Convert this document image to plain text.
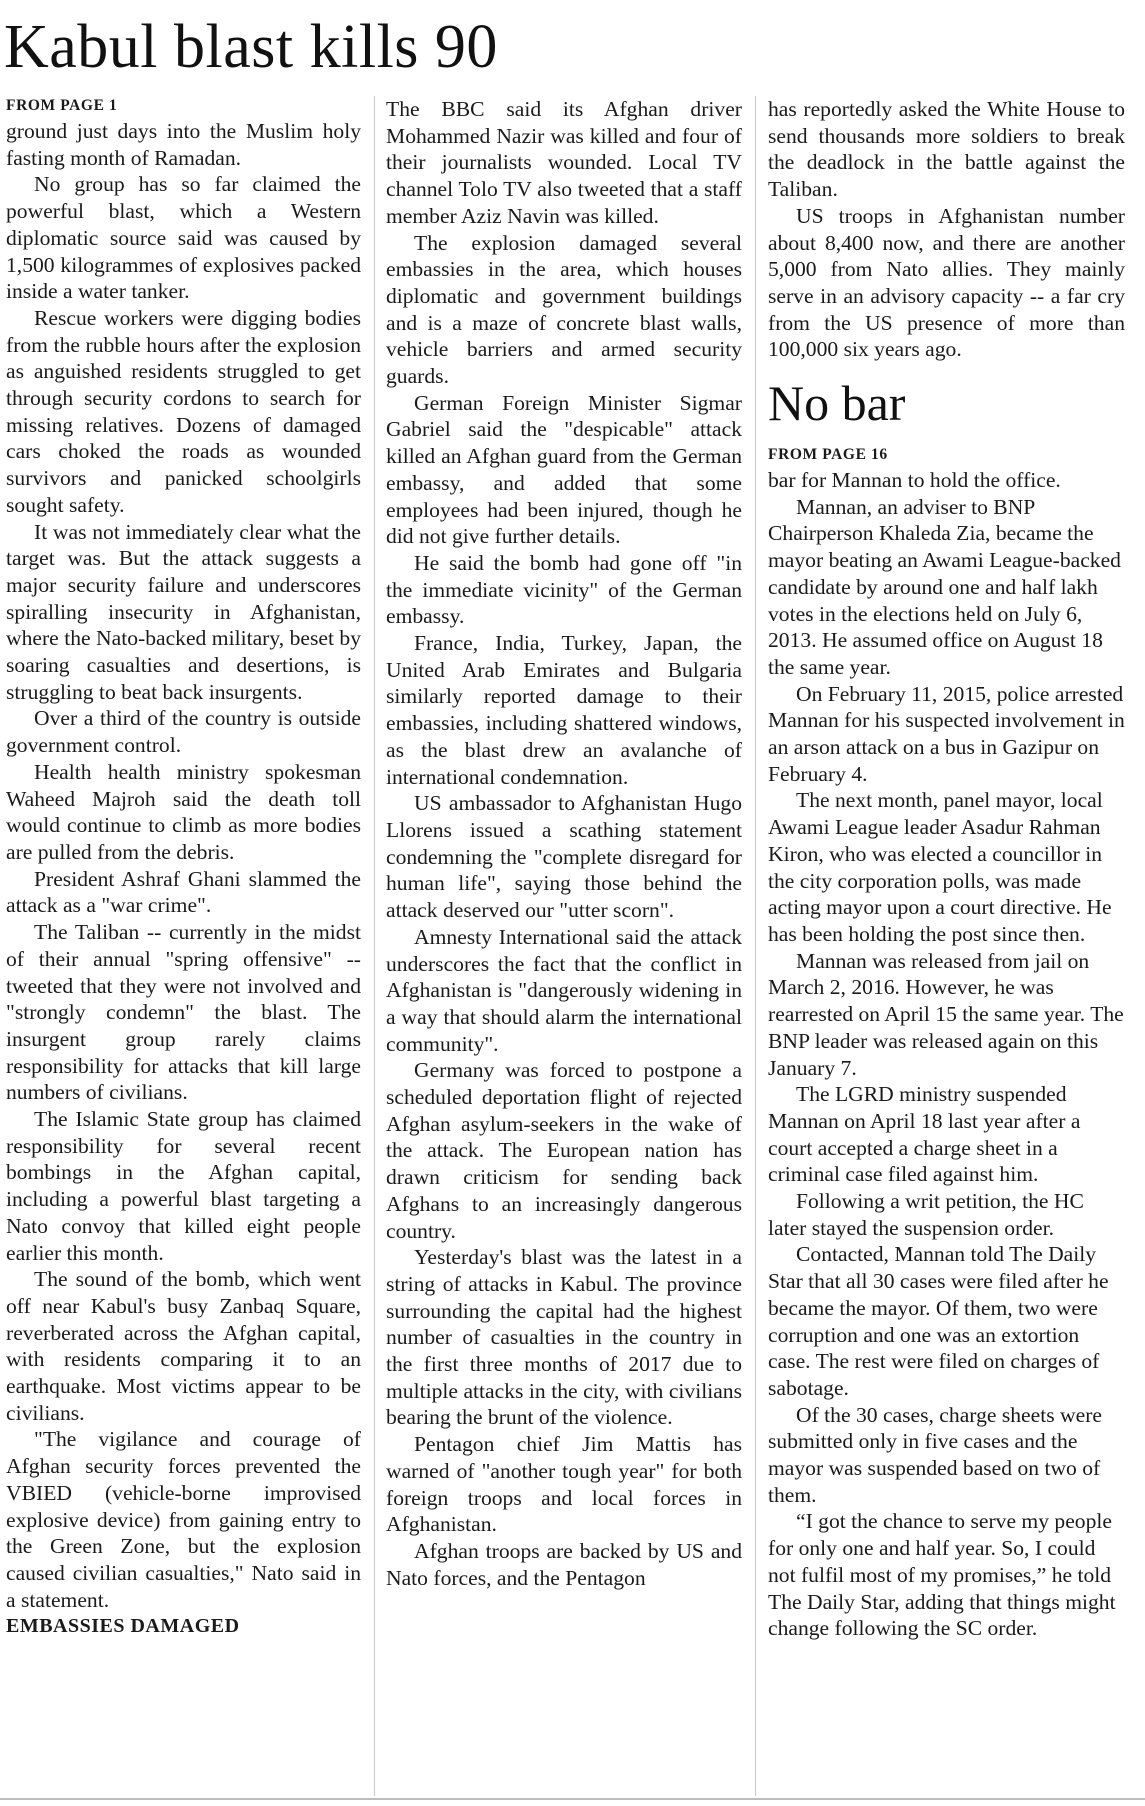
Kabul blast kills 90
FROM PAGE 1

ground just days into the Muslim holy fasting month of Ramadan.

No group has so far claimed the powerful blast, which a Western diplomatic source said was caused by 1,500 kilogrammes of explosives packed inside a water tanker.

Rescue workers were digging bodies from the rubble hours after the explosion as anguished residents struggled to get through security cordons to search for missing relatives. Dozens of damaged cars choked the roads as wounded survivors and panicked schoolgirls sought safety.

It was not immediately clear what the target was. But the attack suggests a major security failure and underscores spiralling insecurity in Afghanistan, where the Nato-backed military, beset by soaring casualties and desertions, is struggling to beat back insurgents.

Over a third of the country is outside government control.

Health health ministry spokesman Waheed Majroh said the death toll would continue to climb as more bodies are pulled from the debris.

President Ashraf Ghani slammed the attack as a "war crime".

The Taliban -- currently in the midst of their annual "spring offensive" -- tweeted that they were not involved and "strongly condemn" the blast. The insurgent group rarely claims responsibility for attacks that kill large numbers of civilians.

The Islamic State group has claimed responsibility for several recent bombings in the Afghan capital, including a powerful blast targeting a Nato convoy that killed eight people earlier this month.

The sound of the bomb, which went off near Kabul's busy Zanbaq Square, reverberated across the Afghan capital, with residents comparing it to an earthquake. Most victims appear to be civilians.

"The vigilance and courage of Afghan security forces prevented the VBIED (vehicle-borne improvised explosive device) from gaining entry to the Green Zone, but the explosion caused civilian casualties," Nato said in a statement.

EMBASSIES DAMAGED

The BBC said its Afghan driver Mohammed Nazir was killed and four of their journalists wounded. Local TV channel Tolo TV also tweeted that a staff member Aziz Navin was killed.

The explosion damaged several embassies in the area, which houses diplomatic and government buildings and is a maze of concrete blast walls, vehicle barriers and armed security guards.

German Foreign Minister Sigmar Gabriel said the "despicable" attack killed an Afghan guard from the German embassy, and added that some employees had been injured, though he did not give further details.

He said the bomb had gone off "in the immediate vicinity" of the German embassy.

France, India, Turkey, Japan, the United Arab Emirates and Bulgaria similarly reported damage to their embassies, including shattered windows, as the blast drew an avalanche of international condemnation.

US ambassador to Afghanistan Hugo Llorens issued a scathing statement condemning the "complete disregard for human life", saying those behind the attack deserved our "utter scorn".

Amnesty International said the attack underscores the fact that the conflict in Afghanistan is "dangerously widening in a way that should alarm the international community".

Germany was forced to postpone a scheduled deportation flight of rejected Afghan asylum-seekers in the wake of the attack. The European nation has drawn criticism for sending back Afghans to an increasingly dangerous country.

Yesterday's blast was the latest in a string of attacks in Kabul. The province surrounding the capital had the highest number of casualties in the country in the first three months of 2017 due to multiple attacks in the city, with civilians bearing the brunt of the violence.

Pentagon chief Jim Mattis has warned of "another tough year" for both foreign troops and local forces in Afghanistan.

Afghan troops are backed by US and Nato forces, and the Pentagon

has reportedly asked the White House to send thousands more soldiers to break the deadlock in the battle against the Taliban.

US troops in Afghanistan number about 8,400 now, and there are another 5,000 from Nato allies. They mainly serve in an advisory capacity -- a far cry from the US presence of more than 100,000 six years ago.

No bar
FROM PAGE 16

bar for Mannan to hold the office.

Mannan, an adviser to BNP Chairperson Khaleda Zia, became the mayor beating an Awami League-backed candidate by around one and half lakh votes in the elections held on July 6, 2013. He assumed office on August 18 the same year.

On February 11, 2015, police arrested Mannan for his suspected involvement in an arson attack on a bus in Gazipur on February 4.

The next month, panel mayor, local Awami League leader Asadur Rahman Kiron, who was elected a councillor in the city corporation polls, was made acting mayor upon a court directive. He has been holding the post since then.

Mannan was released from jail on March 2, 2016. However, he was rearrested on April 15 the same year. The BNP leader was released again on this January 7.

The LGRD ministry suspended Mannan on April 18 last year after a court accepted a charge sheet in a criminal case filed against him.

Following a writ petition, the HC later stayed the suspension order.

Contacted, Mannan told The Daily Star that all 30 cases were filed after he became the mayor. Of them, two were corruption and one was an extortion case. The rest were filed on charges of sabotage.

Of the 30 cases, charge sheets were submitted only in five cases and the mayor was suspended based on two of them.

“I got the chance to serve my people for only one and half year. So, I could not fulfil most of my promises,” he told The Daily Star, adding that things might change following the SC order.
